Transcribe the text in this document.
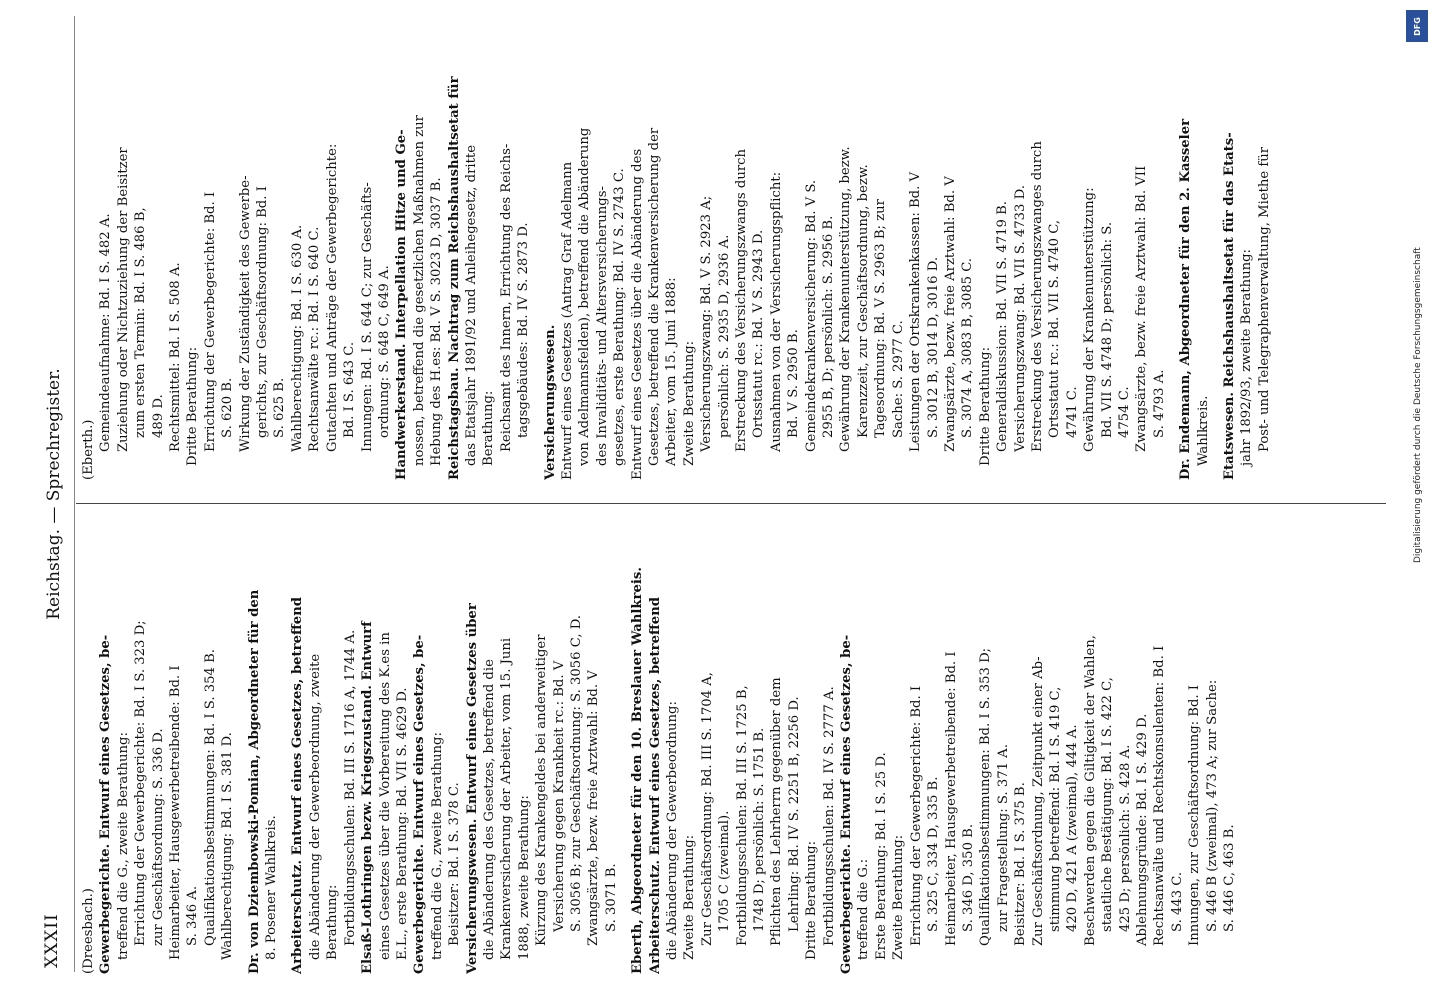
XXXII
Reichstag. — Sprechregister.
(Dreesbach.) Gewerbegerichte. Entwurf eines Gesetzes, be- treffend die G., zweite Berathung: Errichtung der Gewerbegerichte: Bd. I S. 323 D; zur Geschäftsordnung: S. 336 D. Heimarbeiter, Hausgewerbetreibende: Bd. I S. 346 A. Qualifikationsbestimmungen: Bd. I S. 354 B. Wahlberechtigung: Bd. I S. 381 D. Dr. von Dziembowski-Pomian, Abgeordneter für den 8. Posener Wahlkreis. Arbeiterschutz. Entwurf eines Gesetzes, betreffend die Abänderung der Gewerbeordnung, zweite Berathung: Fortbildungsschulen: Bd. III S. 1716 A, 1744 A. Elsaß-Lothringen bezw. Kriegszustand. Entwurf eines Gesetzes über die Vorbereitung des K.es in E.L., erste Berathung: Bd. VII S. 4629 D. Gewerbegerichte. Entwurf eines Gesetzes, be- treffend die G., zweite Berathung: Beisitzer: Bd. I S. 378 C. Versicherungswesen. Entwurf eines Gesetzes über die Abänderung des Gesetzes, betreffend die Krankenversicherung der Arbeiter, vom 15. Juni 1888, zweite Berathung: Kürzung des Krankengeldes bei anderweitiger Versicherung gegen Krankheit rc.: Bd. V S. 3056 B; zur Geschäftsordnung: S. 3056 C, D. Zwangsärzte, bezw. freie Arztwahl: Bd. V S. 3071 B. Eberth, Abgeordneter für den 10. Breslauer Wahlkreis. Arbeiterschutz. Entwurf eines Gesetzes, betreffend die Abänderung der Gewerbeordnung: Zweite Berathung: Zur Geschäftsordnung: Bd. III S. 1704 A, 1705 C (zweimal). Fortbildungsschulen: Bd. III S. 1725 B, 1748 D; persönlich: S. 1751 B. Pflichten des Lehrherrn gegenüber dem Lehrling: Bd. IV S. 2251 B, 2256 D. Dritte Berathung: Fortbildungsschulen: Bd. IV S. 2777 A. Gewerbegerichte. Entwurf eines Gesetzes, be- treffend die G.: Erste Berathung: Bd. I S. 25 D. Zweite Berathung: Errichtung der Gewerbegerichte: Bd. I S. 325 C, 334 D, 335 B. Heimarbeiter, Hausgewerbetreibende: Bd. I S. 346 D, 350 B. Qualifikationsbestimmungen: Bd. I S. 353 D; zur Fragestellung: S. 371 A. Beisitzer: Bd. I S. 375 B. Zur Geschäftsordnung, Zeitpunkt einer Ab- stimmung betreffend: Bd. I S. 419 C, 420 D, 421 A (zweimal), 444 A. Beschwerden gegen die Giltigkeit der Wahlen, staatliche Bestätigung: Bd. I S. 422 C, 425 D; persönlich: S. 428 A. Ablehnungsgründe: Bd. I S. 429 D. Rechtsanwälte und Rechtskonsulenten: Bd. I S. 443 C. Innungen, zur Geschäftsordnung: Bd. I S. 446 B (zweimal), 473 A; zur Sache: S. 446 C, 463 B.
(Eberth.) Gemeindeaufnahme: Bd. I S. 482 A. Zuziehung oder Nichtzuziehung der Beisitzer zum ersten Termin: Bd. I S. 486 B, 489 D. Rechtsmittel: Bd. I S. 508 A. Dritte Berathung: Errichtung der Gewerbegerichte: Bd. I S. 620 B. Wirkung der Zuständigkeit des Gewerbe- gerichts, zur Geschäftsordnung: Bd. I S. 625 B. Wahlberechtigung: Bd. I S. 630 A. Rechtsanwälte rc.: Bd. I S. 640 C. Gutachten und Anträge der Gewerbegerichte: Bd. I S. 643 C. Innungen: Bd. I S. 644 C; zur Geschäfts- ordnung: S. 648 C, 649 A. Handwerkerstand. Interpellation Hitze und Ge- nossen, betreffend die gesetzlichen Maßnahmen zur Hebung des H.es: Bd. V S. 3023 D, 3037 B. Reichstagsbau. Nachtrag zum Reichshaushaltsetat für das Etatsjahr 1891/92 und Anleihegesetz, dritte Berathung: Reichsamt des Innern, Errichtung des Reichs- tagsgebäudes: Bd. IV S. 2873 D. Versicherungswesen. Entwurf eines Gesetzes (Antrag Graf Adelmann von Adelmannsfelden), betreffend die Abänderung des Invaliditäts- und Altersversicherungs- gesetzes, erste Berathung: Bd. IV S. 2743 C. Entwurf eines Gesetzes über die Abänderung des Gesetzes, betreffend die Krankenversicherung der Arbeiter, vom 15. Juni 1888: Zweite Berathung: Versicherungszwang: Bd. V S. 2923 A; persönlich: S. 2935 D, 2936 A. Erstreckung des Versicherungszwangs durch Ortsstatut rc.: Bd. V S. 2943 D. Ausnahmen von der Versicherungspflicht: Bd. V S. 2950 B. Gemeindekrankenversicherung: Bd. V S. 2955 B, D; persönlich: S. 2956 B. Gewährung der Krankenunterstützung, bezw. Karenzzeit, zur Geschäftsordnung, bezw. Tagesordnung: Bd. V S. 2963 B; zur Sache: S. 2977 C. Leistungen der Ortskrankenkassen: Bd. V S. 3012 B, 3014 D, 3016 D. Zwangsärzte, bezw. freie Arztwahl: Bd. V S. 3074 A, 3083 B, 3085 C. Dritte Berathung: Generaldiskussion: Bd. VII S. 4719 B. Versicherungszwang: Bd. VII S. 4733 D. Erstreckung des Versicherungszwanges durch Ortsstatut rc.: Bd. VII S. 4740 C, 4741 C. Gewährung der Krankenunterstützung: Bd. VII S. 4748 D; persönlich: S. 4754 C. Zwangsärzte, bezw. freie Arztwahl: Bd. VII S. 4793 A. Dr. Endemann, Abgeordneter für den 2. Kasseler Wahlkreis. Etatswesen. Reichshaushaltsetat für das Etats- jahr 1892/93, zweite Berathung: Post- und Telegraphenverwaltung, Miethe für
DFG
Digitalisierung gefördert durch die Deutsche Forschungsgemeinschaft
